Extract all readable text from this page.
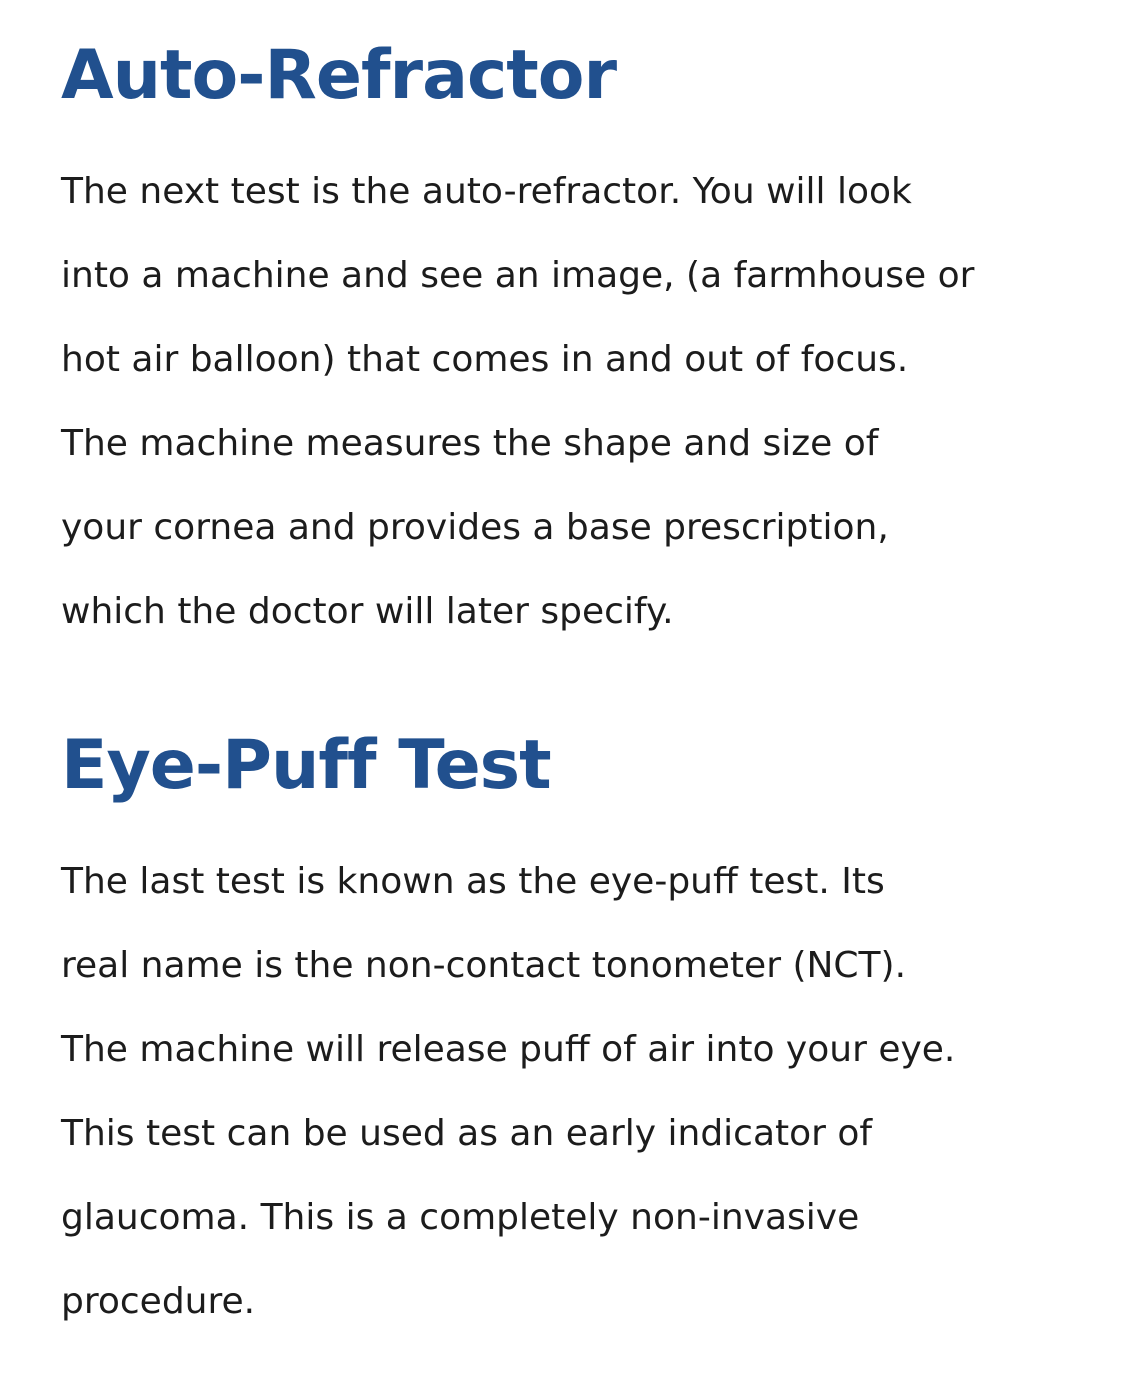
Auto-Refractor

The next test is the auto-refractor. You will look
into a machine and see an image, (a farmhouse or
hot air balloon) that comes in and out of focus.
The machine measures the shape and size of
your cornea and provides a base prescription,
which the doctor will later specify.

Eye-Puff Test

The last test is known as the eye-puff test. Its
real name is the non-contact tonometer (NCT).
The machine will release puff of air into your eye.
This test can be used as an early indicator of
glaucoma. This is a completely non-invasive
procedure.
